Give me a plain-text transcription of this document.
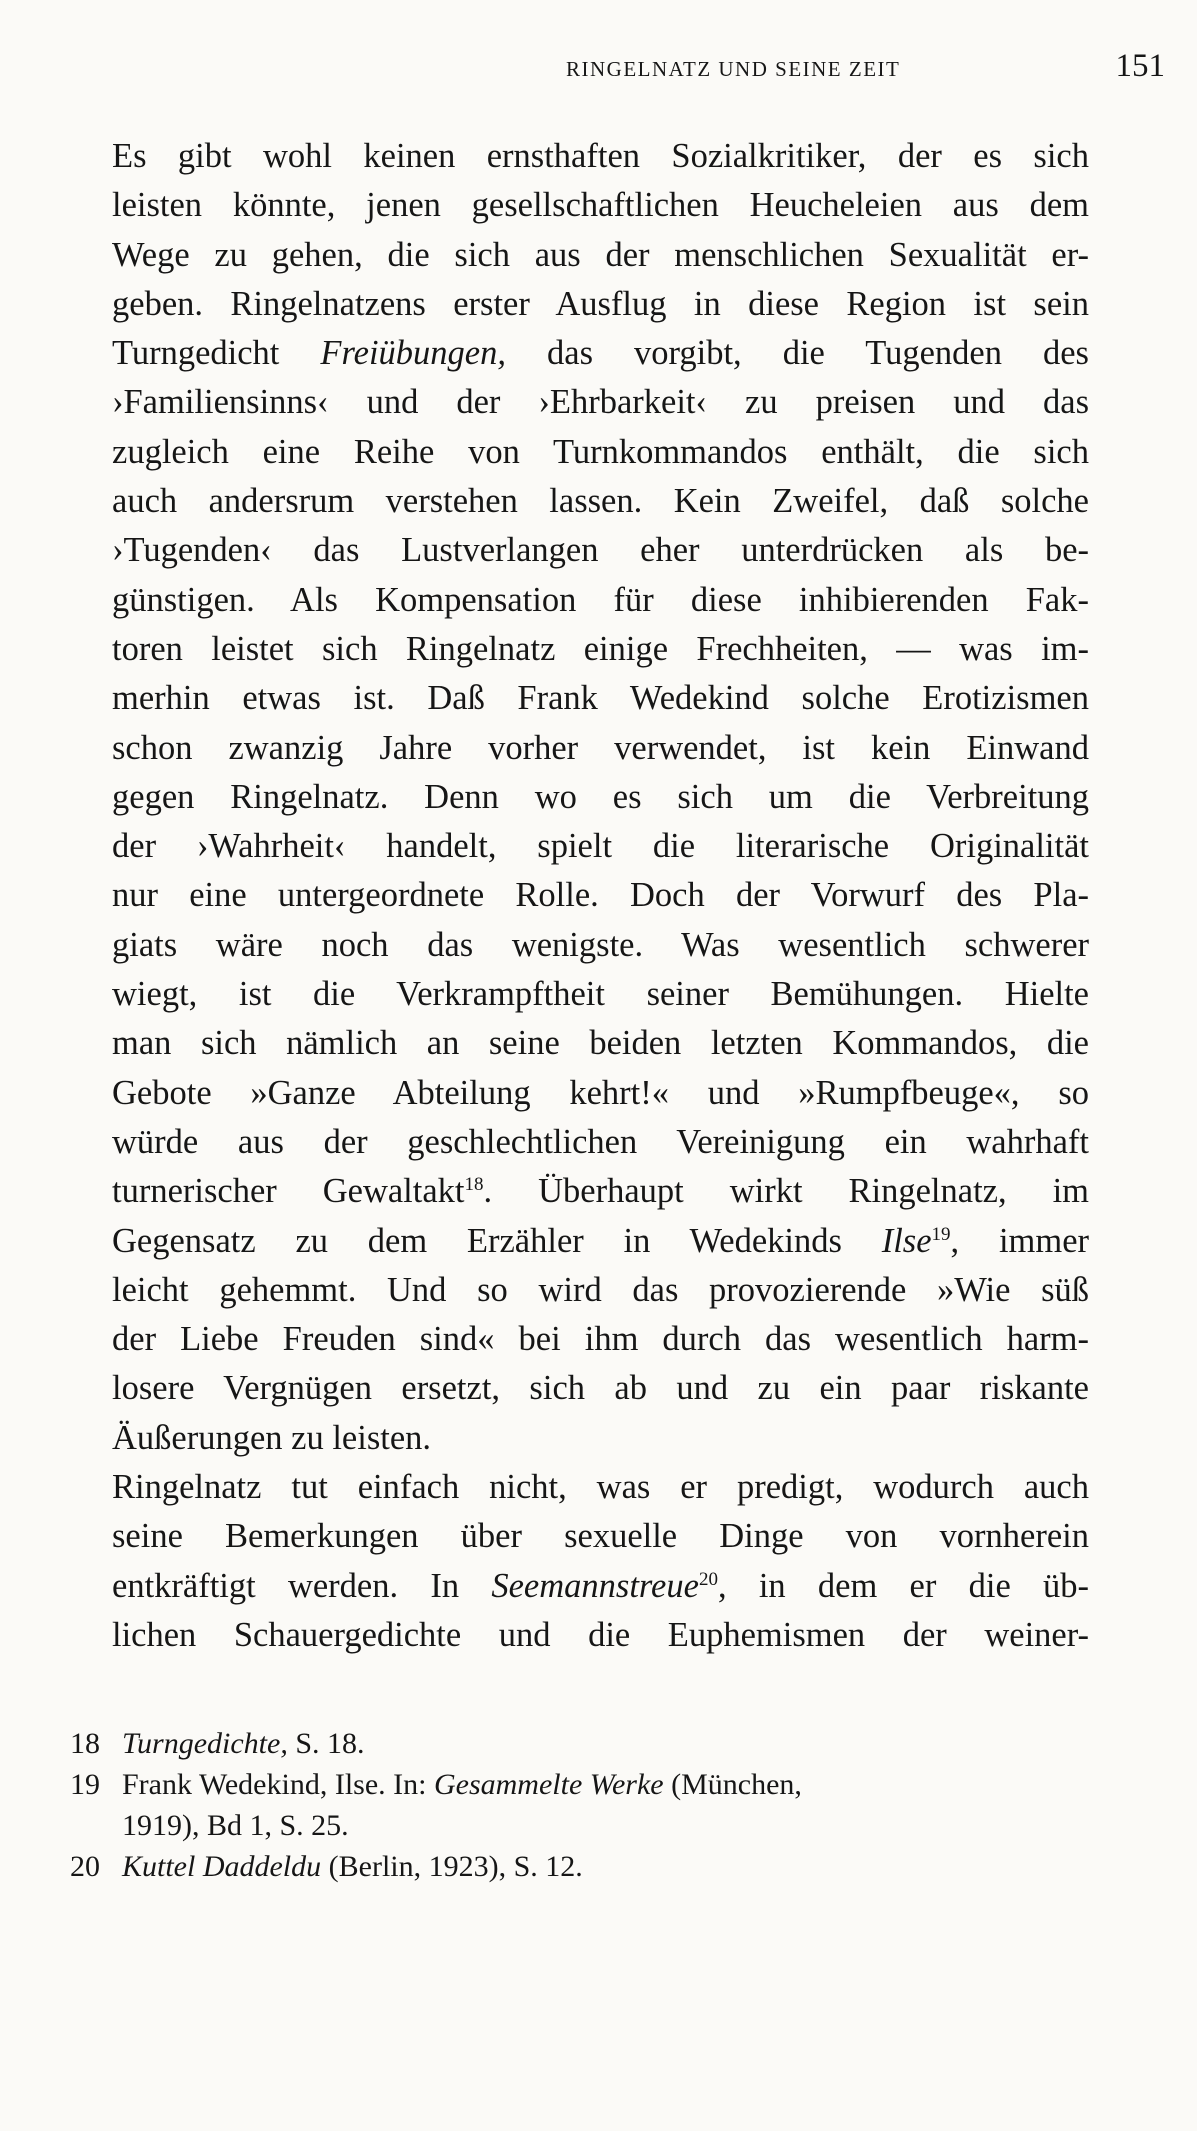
RINGELNATZ UND SEINE ZEIT	151
Es gibt wohl keinen ernsthaften Sozialkritiker, der es sich
leisten könnte, jenen gesellschaftlichen Heucheleien aus dem
Wege zu gehen, die sich aus der menschlichen Sexualität er-
geben. Ringelnatzens erster Ausflug in diese Region ist sein
Turngedicht Freiübungen, das vorgibt, die Tugenden des
›Familiensinns‹ und der ›Ehrbarkeit‹ zu preisen und das
zugleich eine Reihe von Turnkommandos enthält, die sich
auch andersrum verstehen lassen. Kein Zweifel, daß solche
›Tugenden‹ das Lustverlangen eher unterdrücken als be-
günstigen. Als Kompensation für diese inhibierenden Fak-
toren leistet sich Ringelnatz einige Frechheiten, — was im-
merhin etwas ist. Daß Frank Wedekind solche Erotizismen
schon zwanzig Jahre vorher verwendet, ist kein Einwand
gegen Ringelnatz. Denn wo es sich um die Verbreitung
der ›Wahrheit‹ handelt, spielt die literarische Originalität
nur eine untergeordnete Rolle. Doch der Vorwurf des Pla-
giats wäre noch das wenigste. Was wesentlich schwerer
wiegt, ist die Verkrampftheit seiner Bemühungen. Hielte
man sich nämlich an seine beiden letzten Kommandos, die
Gebote »Ganze Abteilung kehrt!« und »Rumpfbeuge«, so
würde aus der geschlechtlichen Vereinigung ein wahrhaft
turnerischer Gewaltakt$^{18}$. Überhaupt wirkt Ringelnatz, im
Gegensatz zu dem Erzähler in Wedekinds Ilse$^{19}$, immer
leicht gehemmt. Und so wird das provozierende »Wie süß
der Liebe Freuden sind« bei ihm durch das wesentlich harm-
losere Vergnügen ersetzt, sich ab und zu ein paar riskante
Äußerungen zu leisten.
Ringelnatz tut einfach nicht, was er predigt, wodurch auch
seine Bemerkungen über sexuelle Dinge von vornherein
entkräftigt werden. In Seemannstreue$^{20}$, in dem er die üb-
lichen Schauergedichte und die Euphemismen der weiner-
18 Turngedichte, S. 18.
19 Frank Wedekind, Ilse. In: Gesammelte Werke (München,
1919), Bd 1, S. 25.
20 Kuttel Daddeldu (Berlin, 1923), S. 12.
